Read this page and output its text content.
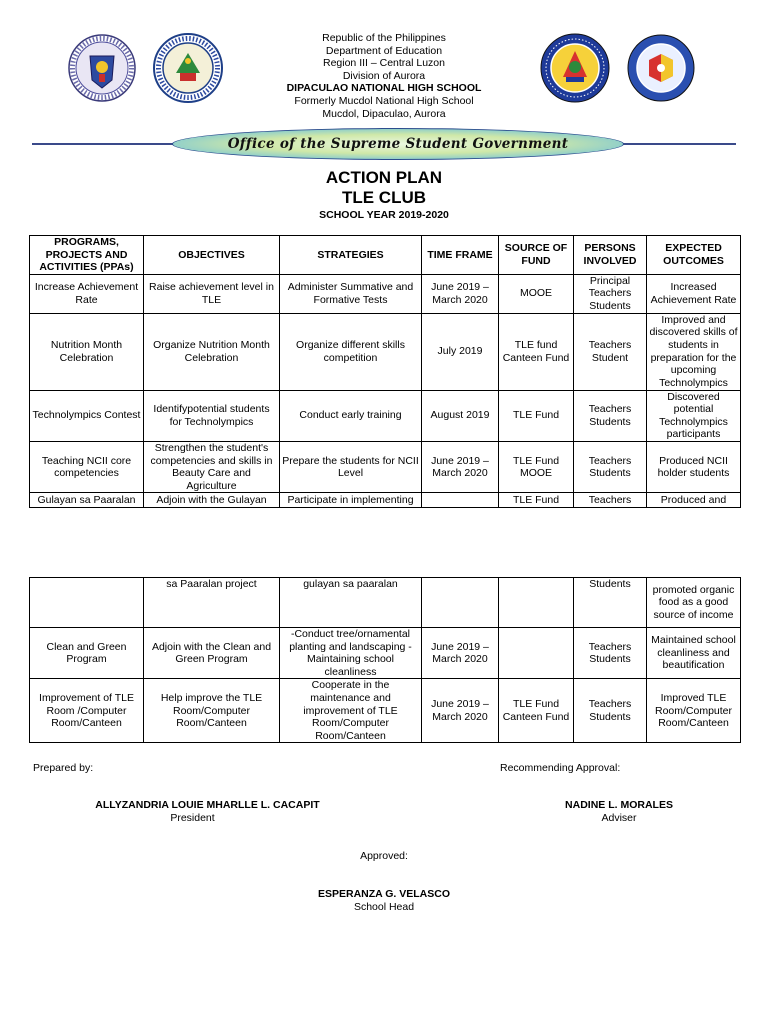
Republic of the Philippines
Department of Education
Region III – Central Luzon
Division of Aurora
DIPACULAO NATIONAL HIGH SCHOOL
Formerly Mucdol National High School
Mucdol, Dipaculao, Aurora
Office of the Supreme Student Government
ACTION PLAN
TLE CLUB
SCHOOL YEAR 2019-2020
PROGRAMS, PROJECTS AND ACTIVITIES (PPAs)	OBJECTIVES	STRATEGIES	TIME FRAME	SOURCE OF FUND	PERSONS INVOLVED	EXPECTED OUTCOMES
Increase Achievement Rate	Raise achievement level in TLE	Administer Summative and Formative Tests	June 2019 – March 2020	MOOE	Principal Teachers Students	Increased Achievement Rate
Nutrition Month Celebration	Organize Nutrition Month Celebration	Organize different skills competition	July 2019	TLE fund Canteen Fund	Teachers Student	Improved and discovered skills of students in preparation for the upcoming Technolympics
Technolympics Contest	Identifypotential students for Technolympics	Conduct early training	August 2019	TLE Fund	Teachers Students	Discovered potential Technolympics participants
Teaching NCII core competencies	Strengthen the student's competencies and skills in Beauty Care and Agriculture	Prepare the students for NCII Level	June 2019 – March 2020	TLE Fund MOOE	Teachers Students	Produced NCII holder students
Gulayan sa Paaralan	Adjoin with the Gulayan	Participate in implementing		TLE Fund	Teachers	Produced and
	sa Paaralan project	gulayan sa paaralan			Students	promoted organic food as a good source of income
Clean and Green Program	Adjoin with the Clean and Green Program	-Conduct tree/ornamental planting and landscaping -Maintaining school cleanliness	June 2019 – March 2020		Teachers Students	Maintained school cleanliness and beautification
Improvement of TLE Room /Computer Room/Canteen	Help improve the TLE Room/Computer Room/Canteen	Cooperate in the maintenance and improvement of TLE Room/Computer Room/Canteen	June 2019 – March 2020	TLE Fund Canteen Fund	Teachers Students	Improved TLE Room/Computer Room/Canteen
Prepared by:	Recommending Approval:
ALLYZANDRIA LOUIE MHARLLE L. CACAPIT
President
NADINE L. MORALES
Adviser
Approved:
ESPERANZA G. VELASCO
School Head
